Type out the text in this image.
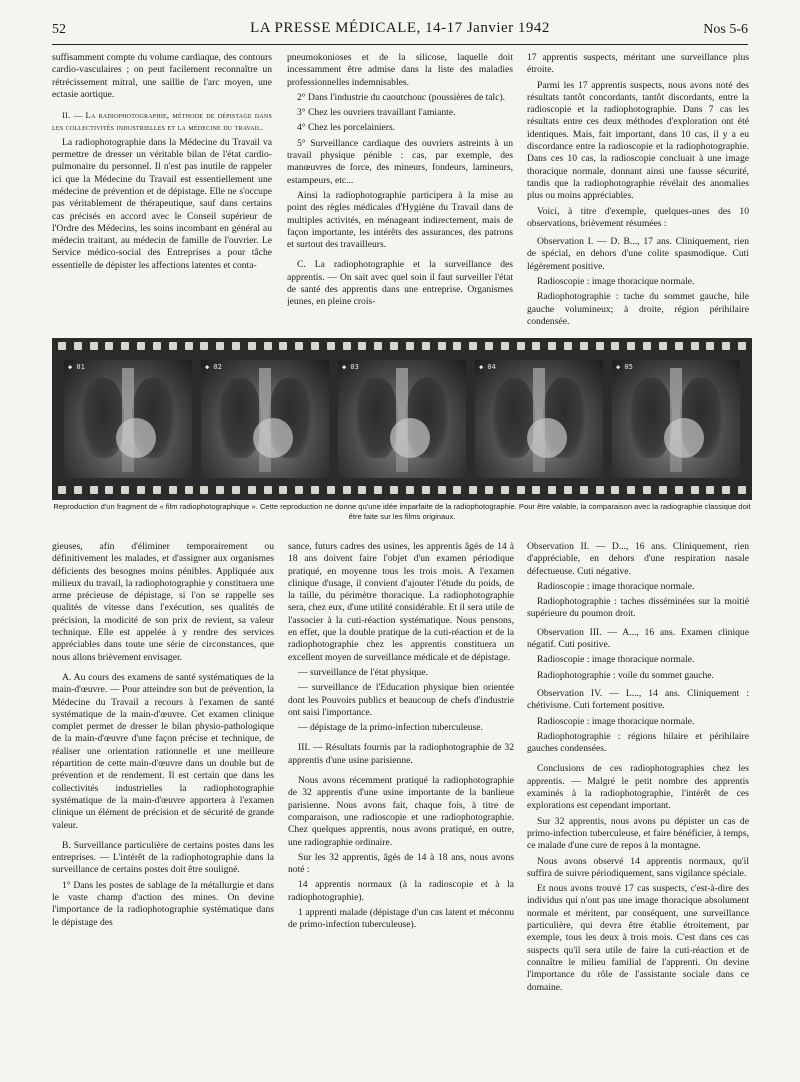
52	LA PRESSE MÉDICALE, 14-17 Janvier 1942	Nos 5-6

suffisamment compte du volume cardiaque, des contours cardio-vasculaires ; on peut facilement reconnaître un rétrécissement mitral, une saillie de l'arc moyen, une ectasie aortique.

II. — La radiophotographie, méthode de dépistage dans les collectivités industrielles et la médecine du travail.

La radiophotographie dans la Médecine du Travail va permettre de dresser un véritable bilan de l'état cardio-pulmonaire du personnel. Il n'est pas inutile de rappeler ici que la Médecine du Travail est essentiellement une médecine de prévention et de dépistage. Elle ne s'occupe pas véritablement de thérapeutique, sauf dans certains cas précisés en accord avec le Conseil supérieur de l'Ordre des Médecins, les soins incombant en général au médecin traitant, au médecin de famille de l'ouvrier. Le Service médico-social des Entreprises a pour tâche essentielle de dépister les affections latentes et conta-

pneumokonioses et de la silicose, laquelle doit incessamment être admise dans la liste des maladies professionnelles indemnisables.

2° Dans l'industrie du caoutchouc (poussières de talc).

3° Chez les ouvriers travaillant l'amiante.

4° Chez les porcelainiers.

5° Surveillance cardiaque des ouvriers astreints à un travail physique pénible : cas, par exemple, des manœuvres de force, des mineurs, fondeurs, lamineurs, estampeurs, etc...

Ainsi la radiophotographie participera à la mise au point des règles médicales d'Hygiène du Travail dans de multiples activités, en ménageant indirectement, mais de façon importante, les intérêts des assurances, des patrons et surtout des travailleurs.

C. La radiophotographie et la surveillance des apprentis. — On sait avec quel soin il faut surveiller l'état de santé des apprentis dans une entreprise. Organismes jeunes, en pleine crois-

17 apprentis suspects, méritant une surveillance plus étroite.

Parmi les 17 apprentis suspects, nous avons noté des résultats tantôt concordants, tantôt discordants, entre la radioscopie et la radiophotographie. Dans 7 cas les résultats entre ces deux méthodes d'exploration ont été identiques. Mais, fait important, dans 10 cas, il y a eu discordance entre la radioscopie et la radiophotographie. Dans ces 10 cas, la radioscopie concluait à une image thoracique normale, donnant ainsi une fausse sécurité, tandis que la radiophotographie révélait des anomalies plus ou moins appréciables.

Voici, à titre d'exemple, quelques-unes des 10 observations, brièvement résumées :

Observation I. — D. B..., 17 ans. Cliniquement, rien de spécial, en dehors d'une colite spasmodique. Cuti légèrement positive.

Radioscopie : image thoracique normale.

Radiophotographie : tache du sommet gauche, hile gauche volumineux; à droite, région périhilaire condensée.

◆ 01	◆ 02	◆ 03	◆ 04	◆ 05
Reproduction d'un fragment de « film radiophotographique ». Cette reproduction ne donne qu'une idée imparfaite de la radiophotographie. Pour être valable, la comparaison avec la radiographie classique doit être faite sur les films originaux.

gieuses, afin d'éliminer temporairement ou définitivement les malades, et d'assigner aux organismes déficients des besognes moins pénibles. Appliquée aux milieux du travail, la radiophotographie y constituera une arme précieuse de dépistage, si l'on se rappelle ses qualités de vitesse dans l'exécution, ses qualités de précision, la modicité de son prix de revient, sa valeur technique. Elle est appelée à y rendre des services appréciables dans toute une série de circonstances, que nous allons brièvement envisager.

A. Au cours des examens de santé systématiques de la main-d'œuvre. — Pour atteindre son but de prévention, la Médecine du Travail a recours à l'examen de santé systématique de la main-d'œuvre. Cet examen clinique complet permet de dresser le bilan physio-pathologique de la main-d'œuvre d'une façon précise et technique, de réaliser une orientation rationnelle et une meilleure répartition de cette main-d'œuvre dans un double but de prévention et de rendement. Il est certain que dans les collectivités industrielles la radiophotographie systématique de la main-d'œuvre apportera à l'examen clinique un élément de précision et de sécurité de grande valeur.

B. Surveillance particulière de certains postes dans les entreprises. — L'intérêt de la radiophotographie dans la surveillance de certains postes doit être souligné.

1° Dans les postes de sablage de la métallurgie et dans le vaste champ d'action des mines. On devine l'importance de la radiophotographie systématique dans le dépistage des

sance, futurs cadres des usines, les apprentis âgés de 14 à 18 ans doivent faire l'objet d'un examen périodique pratiqué, en moyenne tous les trois mois. A l'examen clinique d'usage, il convient d'ajouter l'étude du poids, de la taille, du périmètre thoracique. La radiophotographie sera, chez eux, d'une utilité considérable. Et il sera utile de l'associer à la cuti-réaction systématique. Nous pensons, en effet, que la double pratique de la cuti-réaction et de la radiophotographie chez les apprentis constituera un excellent moyen de surveillance médicale et de dépistage.

— surveillance de l'état physique.

— surveillance de l'Education physique bien orientée dont les Pouvoirs publics et beaucoup de chefs d'industrie ont saisi l'importance.

— dépistage de la primo-infection tuberculeuse.

III. — Résultats fournis par la radiophotographie de 32 apprentis d'une usine parisienne.

Nous avons récemment pratiqué la radiophotographie de 32 apprentis d'une usine importante de la banlieue parisienne. Nous avons fait, chaque fois, à titre de comparaison, une radioscopie et une radiophotographie. Chez quelques apprentis, nous avons pratiqué, en outre, une radiographie ordinaire.

Sur les 32 apprentis, âgés de 14 à 18 ans, nous avons noté :

14 apprentis normaux (à la radioscopie et à la radiophotographie).

1 apprenti malade (dépistage d'un cas latent et méconnu de primo-infection tuberculeuse).

Observation II. — D..., 16 ans. Cliniquement, rien d'appréciable, en dehors d'une respiration nasale défectueuse. Cuti négative.

Radioscopie : image thoracique normale.

Radiophotographie : taches disséminées sur la moitié supérieure du poumon droit.

Observation III. — A..., 16 ans. Examen clinique négatif. Cuti positive.

Radioscopie : image thoracique normale.

Radiophotographie : voile du sommet gauche.

Observation IV. — L..., 14 ans. Cliniquement : chétivisme. Cuti fortement positive.

Radioscopie : image thoracique normale.

Radiophotographie : régions hilaire et périhilaire gauches condensées.

Conclusions de ces radiophotographies chez les apprentis. — Malgré le petit nombre des apprentis examinés à la radiophotographie, l'intérêt de ces explorations est cependant important.

Sur 32 apprentis, nous avons pu dépister un cas de primo-infection tuberculeuse, et faire bénéficier, à temps, ce malade d'une cure de repos à la montagne.

Nous avons observé 14 apprentis normaux, qu'il suffira de suivre périodiquement, sans vigilance spéciale.

Et nous avons trouvé 17 cas suspects, c'est-à-dire des individus qui n'ont pas une image thoracique absolument normale et méritent, par conséquent, une surveillance particulière, qui devra être établie étroitement, par exemple, tous les deux à trois mois. C'est dans ces cas suspects qu'il sera utile de faire la cuti-réaction et de connaître le milieu familial de l'apprenti. On devine l'importance du rôle de l'assistante sociale dans ce domaine.
